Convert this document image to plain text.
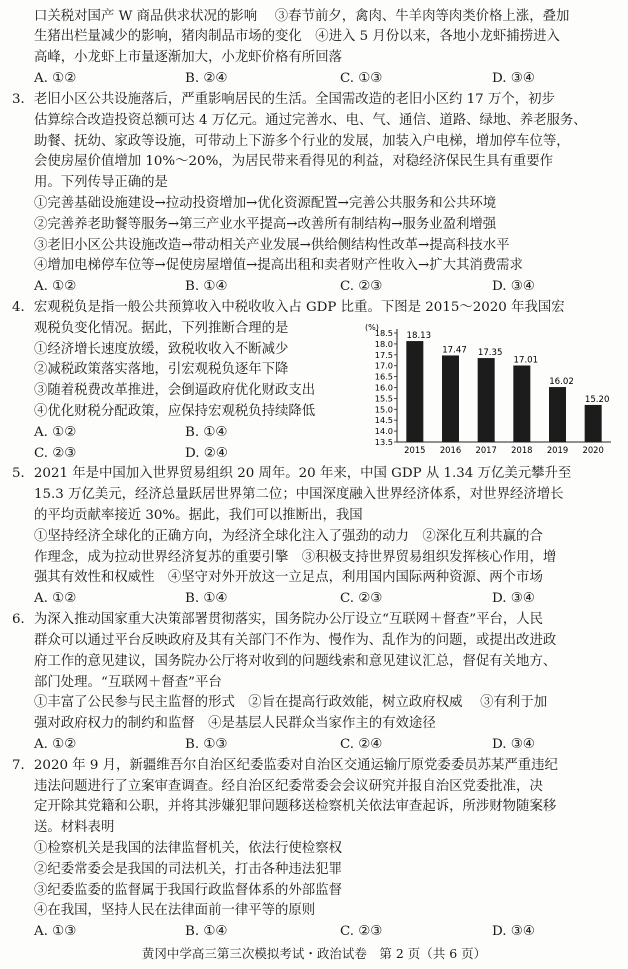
口关税对国产 W 商品供求状况的影响　 ③春节前夕，禽肉、牛羊肉等肉类价格上涨，叠加
生猪出栏量减少的影响，猪肉制品市场的变化　④进入 5 月份以来，各地小龙虾捕捞进入
高峰，小龙虾上市量逐渐加大，小龙虾价格有所回落
3．老旧小区公共设施落后，严重影响居民的生活。全国需改造的老旧小区约 17 万个，初步
估算综合改造投资总额可达 4 万亿元。通过完善水、电、气、通信、道路、绿地、养老服务、
助餐、抚幼、家政等设施，可带动上下游多个行业的发展，加装入户电梯，增加停车位等，
会使房屋价值增加 10%～20%，为居民带来看得见的利益，对稳经济保民生具有重要作
用。下列传导正确的是
①完善基础设施建设→拉动投资增加→优化资源配置→完善公共服务和公共环境
②完善养老助餐等服务→第三产业水平提高→改善所有制结构→服务业盈利增强
③老旧小区公共设施改造→带动相关产业发展→供给侧结构性改革→提高科技水平
④增加电梯停车位等→促使房屋增值→提高出租和卖者财产性收入→扩大其消费需求
4．宏观税负是指一般公共预算收入中税收收入占 GDP 比重。下图是 2015～2020 年我国宏
观税负变化情况。据此，下列推断合理的是
①经济增长速度放缓，致税收收入不断减少
②减税政策落实落地，引宏观税负逐年下降
③随着税费改革推进，会倒逼政府优化财政支出
④优化财税分配政策，应保持宏观税负持续降低
5．2021 年是中国加入世界贸易组织 20 周年。20 年来，中国 GDP 从 1.34 万亿美元攀升至
15.3 万亿美元，经济总量跃居世界第二位；中国深度融入世界经济体系，对世界经济增长
的平均贡献率接近 30%。据此，我们可以推断出，我国
①坚持经济全球化的正确方向，为经济全球化注入了强劲的动力　②深化互利共赢的合
作理念，成为拉动世界经济复苏的重要引擎　③积极支持世界贸易组织发挥核心作用，增
强其有效性和权威性　④坚守对外开放这一立足点，利用国内国际两种资源、两个市场
6．为深入推动国家重大决策部署贯彻落实，国务院办公厅设立“互联网＋督查”平台，人民
群众可以通过平台反映政府及其有关部门不作为、慢作为、乱作为的问题，或提出改进政
府工作的意见建议，国务院办公厅将对收到的问题线索和意见建议汇总，督促有关地方、
部门处理。“互联网＋督查”平台
①丰富了公民参与民主监督的形式　②旨在提高行政效能，树立政府权威　 ③有利于加
强对政府权力的制约和监督　④是基层人民群众当家作主的有效途径
7．2020 年 9 月，新疆维吾尔自治区纪委监委对自治区交通运输厅原党委委员苏某严重违纪
违法问题进行了立案审查调查。经自治区纪委常委会会议研究并报自治区党委批准，决
定开除其党籍和公职，并将其涉嫌犯罪问题移送检察机关依法审查起诉，所涉财物随案移
送。材料表明
①检察机关是我国的法律监督机关，依法行使检察权
②纪委常委会是我国的司法机关，打击各种违法犯罪
③纪委监委的监督属于我国行政监督体系的外部监督
④在我国，坚持人民在法律面前一律平等的原则
A. ①②	B. ②④	C. ①③	D. ③④
A. ①②	B. ①④	C. ②③	D. ③④
A. ①②	B. ①④
C. ②③	D. ②④
A. ①②	B. ①④	C. ②③	D. ③④
A. ①②	B. ①③	C. ②④	D. ③④
A. ①③	B. ①④	C. ②③	D. ③④
(%)
13.5
14.0
14.5
15.0
15.5
16.0
16.5
17.0
17.5
18.0
18.5 18.13
2015
17.47
2016
17.35
2017
17.01
2018
16.02
2019
15.20
2020
黄冈中学高三第三次模拟考试・政治试卷　第 2 页（共 6 页）
